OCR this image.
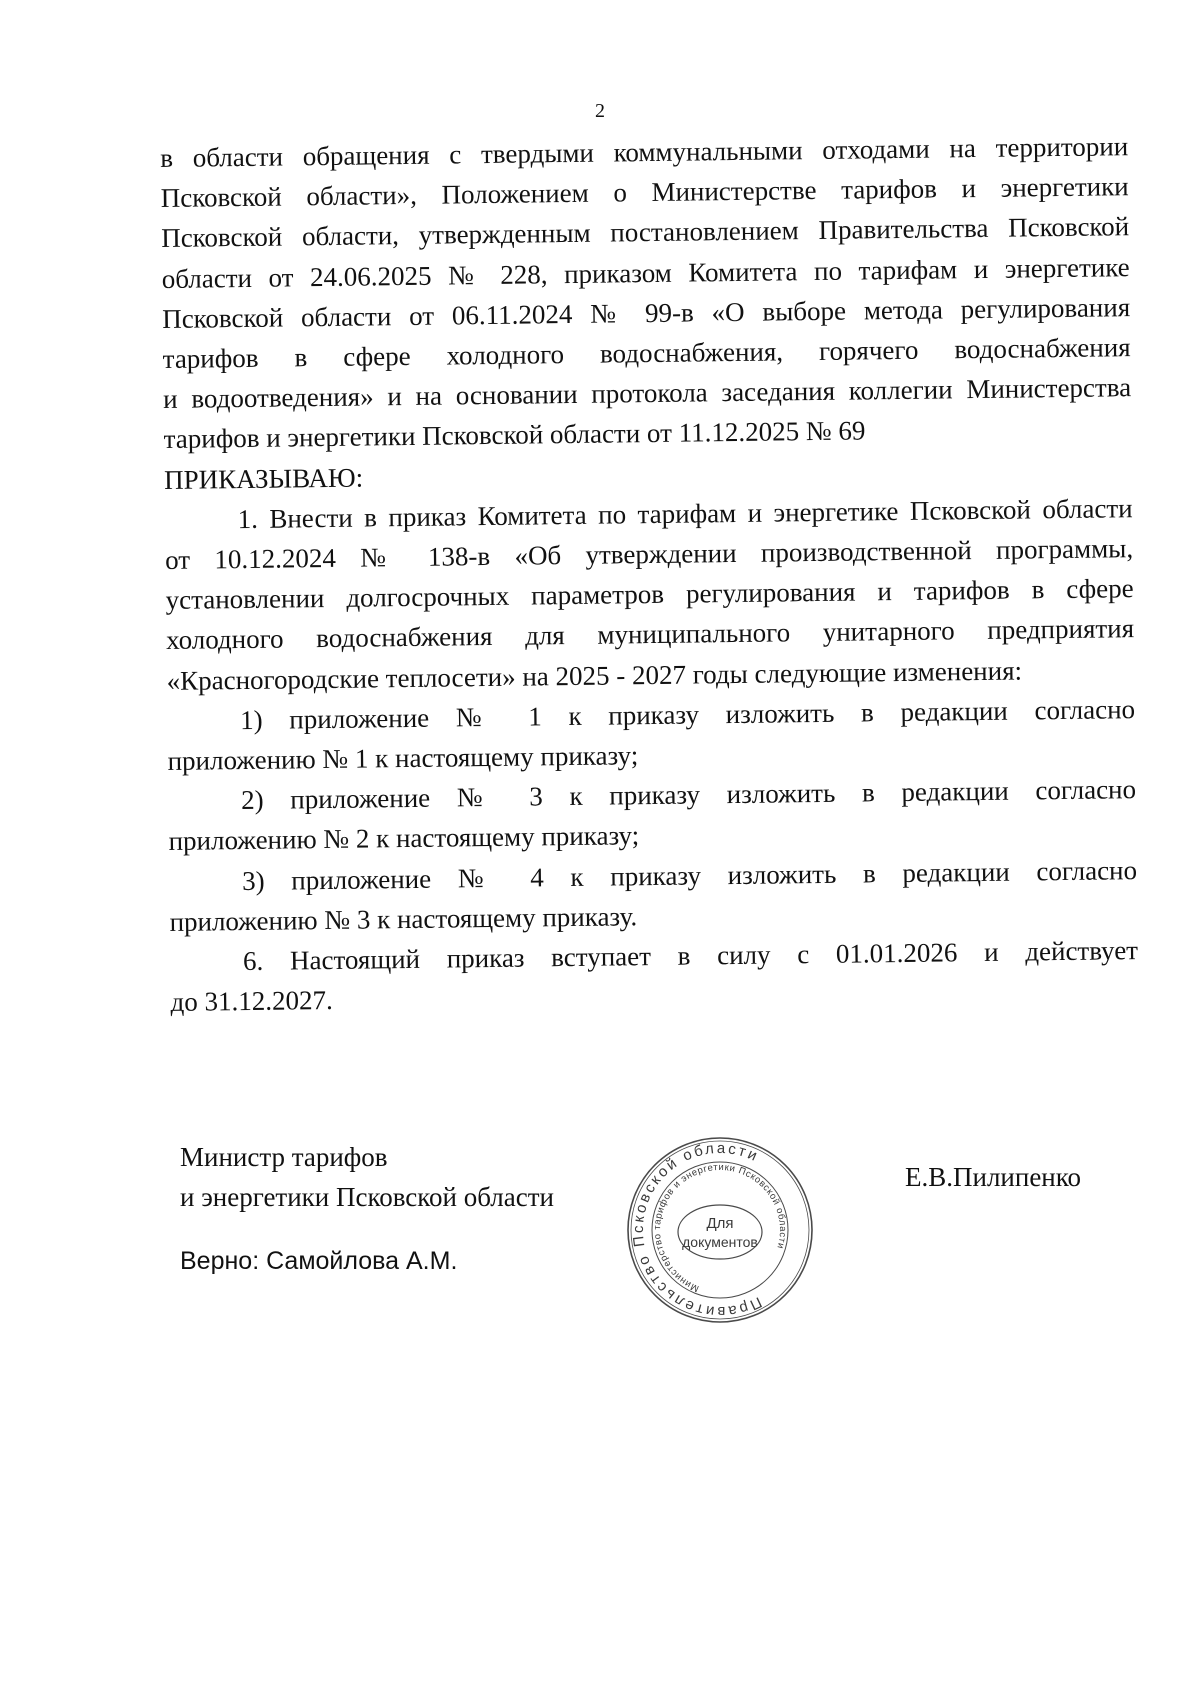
2
в области обращения с твердыми коммунальными отходами на территории
Псковской области», Положением о Министерстве тарифов и энергетики
Псковской области, утвержденным постановлением Правительства Псковской
области от 24.06.2025 № 228, приказом Комитета по тарифам и энергетике
Псковской области от 06.11.2024 № 99-в «О выборе метода регулирования
тарифов в сфере холодного водоснабжения, горячего водоснабжения
и водоотведения» и на основании протокола заседания коллегии Министерства
тарифов и энергетики Псковской области от 11.12.2025 № 69
ПРИКАЗЫВАЮ:
1. Внести в приказ Комитета по тарифам и энергетике Псковской области
от 10.12.2024 № 138-в «Об утверждении производственной программы,
установлении долгосрочных параметров регулирования и тарифов в сфере
холодного водоснабжения для муниципального унитарного предприятия
«Красногородские теплосети» на 2025 - 2027 годы следующие изменения:
1) приложение № 1 к приказу изложить в редакции согласно
приложению № 1 к настоящему приказу;
2) приложение № 3 к приказу изложить в редакции согласно
приложению № 2 к настоящему приказу;
3) приложение № 4 к приказу изложить в редакции согласно
приложению № 3 к настоящему приказу.
6. Настоящий приказ вступает в силу с 01.01.2026 и действует
до 31.12.2027.
Министр тарифов
и энергетики Псковской области
Верно: Самойлова А.М.
Е.В.Пилипенко
Правительство Псковской области
Министерство тарифов и энергетики Псковской области
Для
документов
